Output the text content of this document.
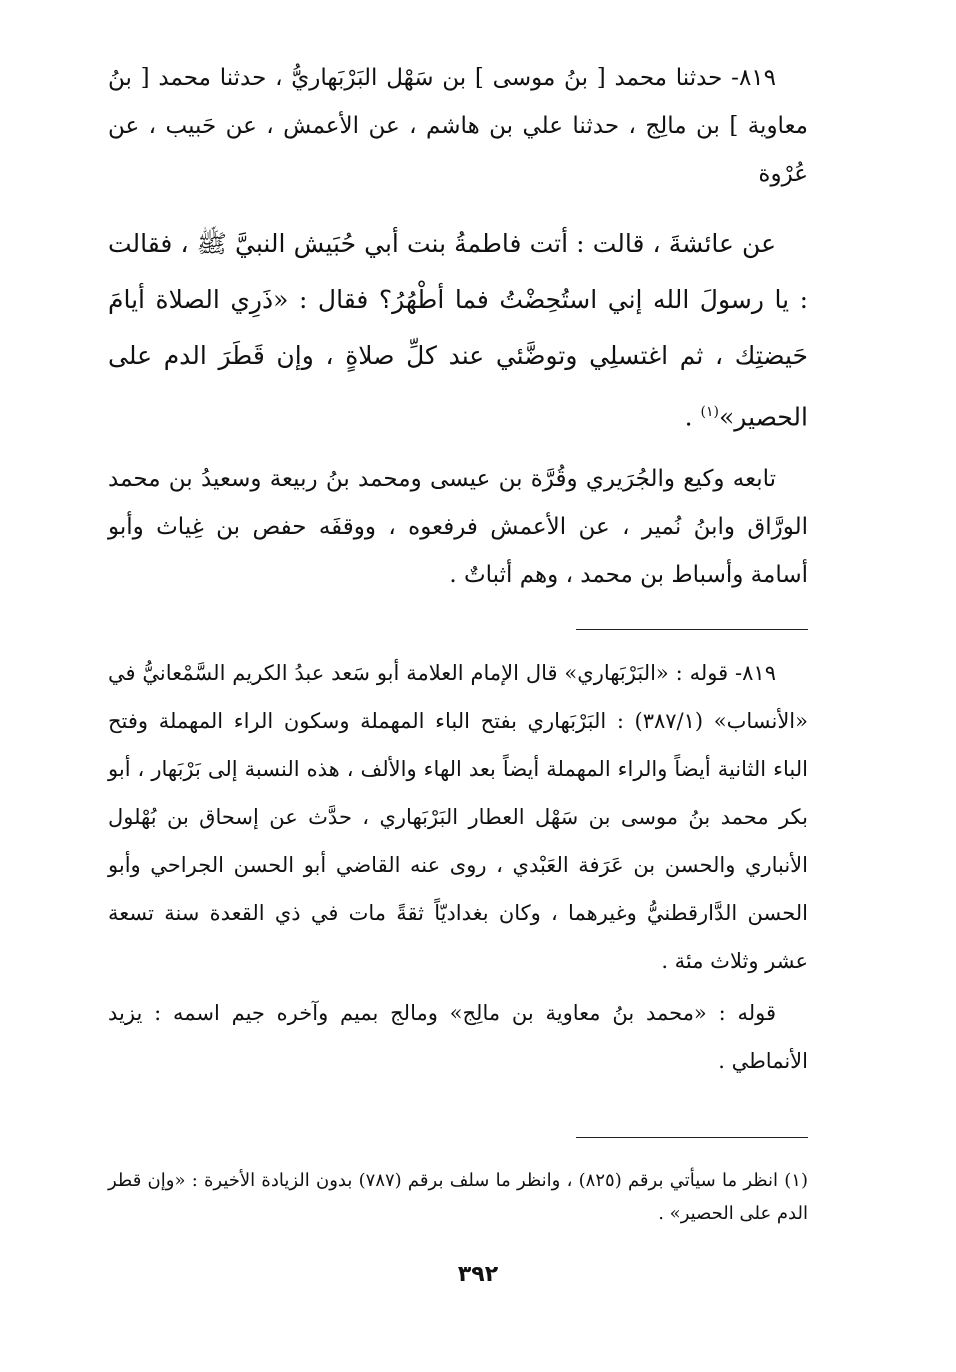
٨١٩- حدثنا محمد [ بنُ موسى ] بن سَهْل البَرْبَهاريُّ ، حدثنا محمد [ بنُ معاوية ] بن مالِج ، حدثنا علي بن هاشم ، عن الأعمش ، عن حَبيب ، عن عُرْوة

عن عائشةَ ، قالت : أتت فاطمةُ بنت أبي حُبَيش النبيَّ ﷺ ، فقالت : يا رسولَ الله إني استُحِضْتُ فما أطْهُرُ؟ فقال : «ذَرِي الصلاة أيامَ حَيضتِك ، ثم اغتسلِي وتوضَّئي عند كلِّ صلاةٍ ، وإن قَطَرَ الدم على الحصير»$^{(١)}$ .

تابعه وكيع والجُرَيري وقُرَّة بن عيسى ومحمد بنُ ربيعة وسعيدُ بن محمد الورَّاق وابنُ نُمير ، عن الأعمش فرفعوه ، ووقفَه حفص بن غِياث وأبو أسامة وأسباط بن محمد ، وهم أثباتٌ .

٨١٩- قوله : «البَرْبَهاري» قال الإمام العلامة أبو سَعد عبدُ الكريم السَّمْعانيُّ في «الأنساب» (٣٨٧/١) : البَرْبَهاري بفتح الباء المهملة وسكون الراء المهملة وفتح الباء الثانية أيضاً والراء المهملة أيضاً بعد الهاء والألف ، هذه النسبة إلى بَرْبَهار ، أبو بكر محمد بنُ موسى بن سَهْل العطار البَرْبَهاري ، حدَّث عن إسحاق بن بُهْلول الأنباري والحسن بن عَرَفة العَبْدي ، روى عنه القاضي أبو الحسن الجراحي وأبو الحسن الدَّارقطنيُّ وغيرهما ، وكان بغداديّاً ثقةً مات في ذي القعدة سنة تسعة عشر وثلاث مئة .

قوله : «محمد بنُ معاوية بن مالِج» ومالج بميم وآخره جيم اسمه : يزيد الأنماطي .

(١) انظر ما سيأتي برقم (٨٢٥) ، وانظر ما سلف برقم (٧٨٧) بدون الزيادة الأخيرة : «وإن قطر الدم على الحصير» .

٣٩٢
